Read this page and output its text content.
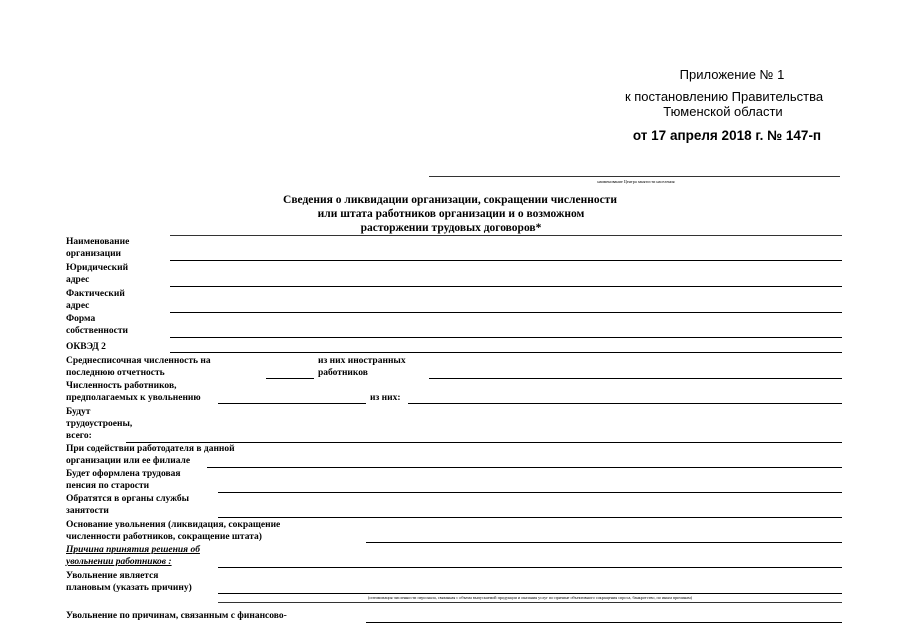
Приложение № 1
к постановлению Правительства
Тюменской области
от 17 апреля 2018 г. № 147-п
наименование Центра занятости населения
Сведения о ликвидации организации, сокращении численности
или штата работников организации и о возможном
расторжении трудовых договоров*
Наименование
организации
Юридический
адрес
Фактический
адрес
Форма
собственности
ОКВЭД 2
Среднесписочная численность на
последнюю отчетность
из них иностранных
работников
Численность работников,
предполагаемых к увольнению	из них:
Будут
трудоустроены,
всего:
При содействии работодателя в данной
организации или ее филиале
Будет оформлена трудовая
пенсия по старости
Обратятся в органы службы
занятости
Основание увольнения (ликвидация, сокращение
численности работников, сокращение штата)
Причина принятия решения об
увольнении работников :
Увольнение является
плановым (указать причину)
(оптимизация численности персонала, связанная с объема выпускаемой продукции и оказания услуг по причине объективного сокращения спроса, банкротство, по иным причинам)
Увольнение по причинам, связанным с финансово-
